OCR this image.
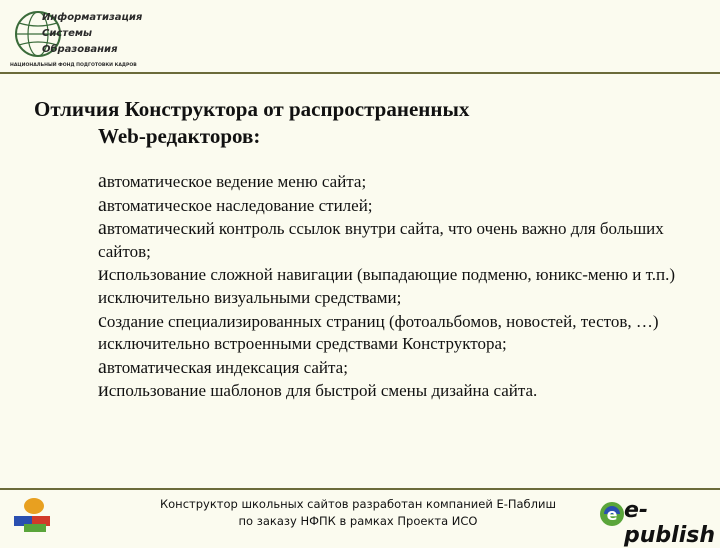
Информатизация
Системы
Образования
НАЦИОНАЛЬНЫЙ ФОНД ПОДГОТОВКИ КАДРОВ
Отличия Конструктора от распространенных
Web-редакторов:

автоматическое ведение меню сайта;

автоматическое наследование стилей;

автоматический контроль ссылок внутри сайта, что очень важно для больших сайтов;

использование сложной навигации (выпадающие подменю, юникс-меню и т.п.) исключительно визуальными средствами;

создание специализированных страниц (фотоальбомов, новостей, тестов, …) исключительно встроенными средствами Конструктора;

автоматическая индексация сайта;

использование шаблонов для быстрой смены дизайна сайта.

Конструктор школьных сайтов разработан компанией Е-Паблиш
по заказу НФПК в рамках Проекта ИСО	e e-publish
